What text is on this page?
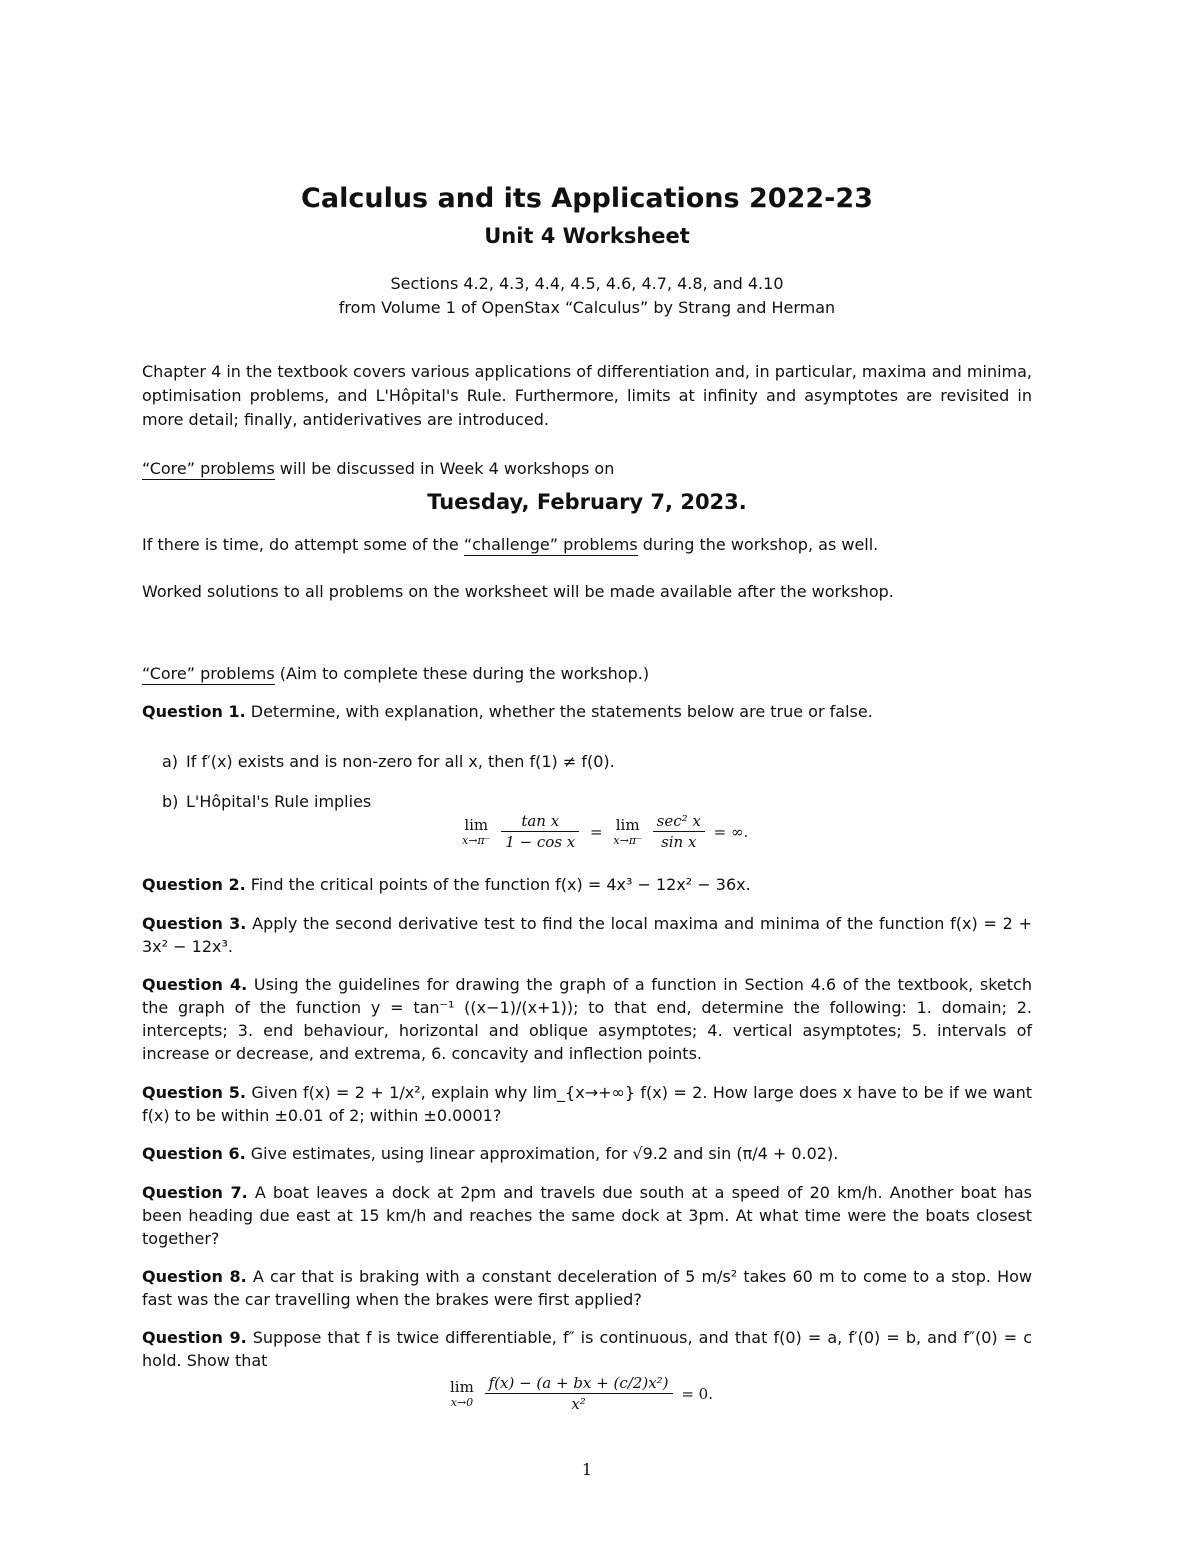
Calculus and its Applications 2022-23
Unit 4 Worksheet
Sections 4.2, 4.3, 4.4, 4.5, 4.6, 4.7, 4.8, and 4.10
from Volume 1 of OpenStax “Calculus” by Strang and Herman
Chapter 4 in the textbook covers various applications of differentiation and, in particular, maxima and minima, optimisation problems, and L'Hôpital's Rule. Furthermore, limits at infinity and asymptotes are revisited in more detail; finally, antiderivatives are introduced.
“Core” problems will be discussed in Week 4 workshops on
Tuesday, February 7, 2023.
If there is time, do attempt some of the “challenge” problems during the workshop, as well.
Worked solutions to all problems on the worksheet will be made available after the workshop.
“Core” problems (Aim to complete these during the workshop.)
Question 1. Determine, with explanation, whether the statements below are true or false.
a) If f′(x) exists and is non-zero for all x, then f(1) ≠ f(0).
b) L'Hôpital's Rule implies
lim
x→π⁻
$\frac{\text{tan x}}{\text{1 − cos x}} = \lim$
x→π⁻
$\frac{\text{sec² x}}{\text{sin x}}$ = ∞.
Question 2. Find the critical points of the function f(x) = 4x³ − 12x² − 36x.
Question 3. Apply the second derivative test to find the local maxima and minima of the function f(x) = 2 + 3x² − 12x³.
Question 4. Using the guidelines for drawing the graph of a function in Section 4.6 of the textbook, sketch the graph of the function y = tan⁻¹ ((x−1)/(x+1)); to that end, determine the following: 1. domain; 2. intercepts; 3. end behaviour, horizontal and oblique asymptotes; 4. vertical asymptotes; 5. intervals of increase or decrease, and extrema, 6. concavity and inflection points.
Question 5. Given f(x) = 2 + 1/x², explain why lim_{x→+∞} f(x) = 2. How large does x have to be if we want f(x) to be within ±0.01 of 2; within ±0.0001?
Question 6. Give estimates, using linear approximation, for √9.2 and sin (π/4 + 0.02).
Question 7. A boat leaves a dock at 2pm and travels due south at a speed of 20 km/h. Another boat has been heading due east at 15 km/h and reaches the same dock at 3pm. At what time were the boats closest together?
Question 8. A car that is braking with a constant deceleration of 5 m/s² takes 60 m to come to a stop. How fast was the car travelling when the brakes were first applied?
Question 9. Suppose that f is twice differentiable, f″ is continuous, and that f(0) = a, f′(0) = b, and f″(0) = c hold. Show that
lim
x→0
$\frac{\text{f(x) − (a + bx + (c/2)x²)}}{\text{x²}} = 0$.
1
